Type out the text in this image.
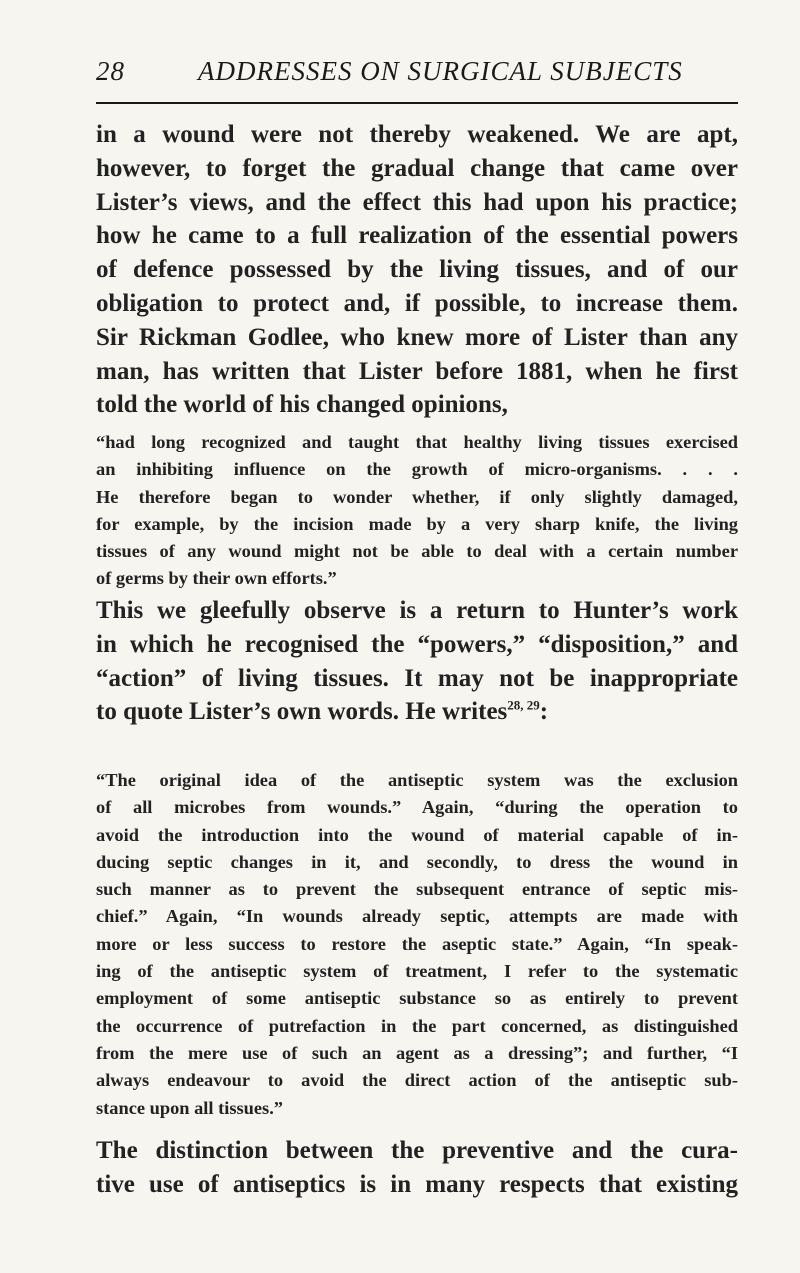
28	ADDRESSES ON SURGICAL SUBJECTS

in a wound were not thereby weakened. We are apt,
however, to forget the gradual change that came over
Lister’s views, and the effect this had upon his practice;
how he came to a full realization of the essential powers
of defence possessed by the living tissues, and of our
obligation to protect and, if possible, to increase them.
Sir Rickman Godlee, who knew more of Lister than any
man, has written that Lister before 1881, when he first
told the world of his changed opinions,

“had long recognized and taught that healthy living tissues exercised
an inhibiting influence on the growth of micro-organisms. . . .
He therefore began to wonder whether, if only slightly damaged,
for example, by the incision made by a very sharp knife, the living
tissues of any wound might not be able to deal with a certain number
of germs by their own efforts.”

This we gleefully observe is a return to Hunter’s work
in which he recognised the “powers,” “disposition,” and
“action” of living tissues. It may not be inappropriate
to quote Lister’s own words. He writes$^{28, 29}$:

“The original idea of the antiseptic system was the exclusion
of all microbes from wounds.” Again, “during the operation to
avoid the introduction into the wound of material capable of in-
ducing septic changes in it, and secondly, to dress the wound in
such manner as to prevent the subsequent entrance of septic mis-
chief.” Again, “In wounds already septic, attempts are made with
more or less success to restore the aseptic state.” Again, “In speak-
ing of the antiseptic system of treatment, I refer to the systematic
employment of some antiseptic substance so as entirely to prevent
the occurrence of putrefaction in the part concerned, as distinguished
from the mere use of such an agent as a dressing”; and further, “I
always endeavour to avoid the direct action of the antiseptic sub-
stance upon all tissues.”

The distinction between the preventive and the cura-
tive use of antiseptics is in many respects that existing
